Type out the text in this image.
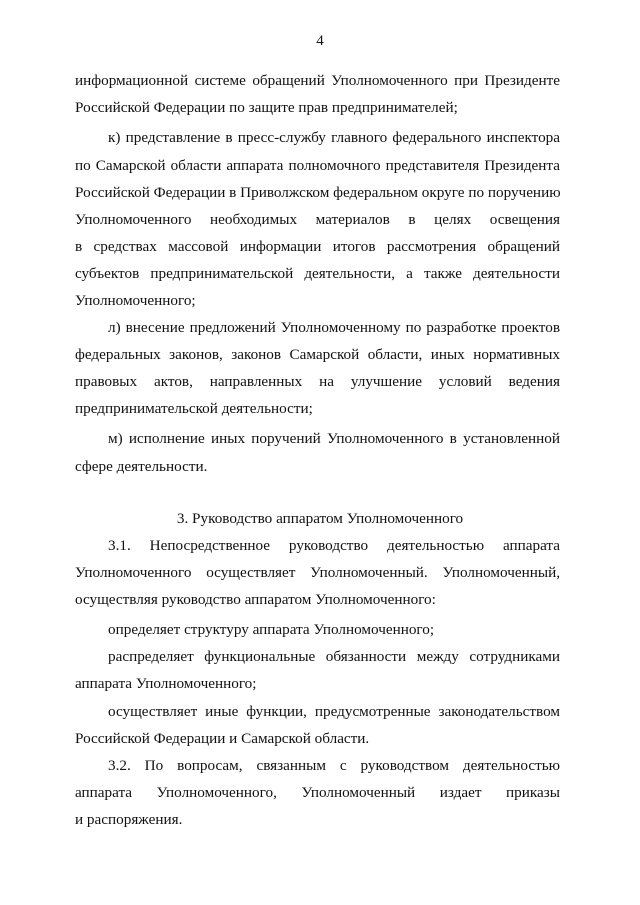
4
информационной системе обращений Уполномоченного при Президенте
Российской Федерации по защите прав предпринимателей;
к) представление в пресс-службу главного федерального инспектора
по Самарской области аппарата полномочного представителя Президента
Российской Федерации в Приволжском федеральном округе по поручению
Уполномоченного необходимых материалов в целях освещения
в средствах массовой информации итогов рассмотрения обращений
субъектов предпринимательской деятельности, а также деятельности
Уполномоченного;
л) внесение предложений Уполномоченному по разработке проектов
федеральных законов, законов Самарской области, иных нормативных
правовых актов, направленных на улучшение условий ведения
предпринимательской деятельности;
м) исполнение иных поручений Уполномоченного в установленной
сфере деятельности.
3. Руководство аппаратом Уполномоченного
3.1. Непосредственное руководство деятельностью аппарата
Уполномоченного осуществляет Уполномоченный. Уполномоченный,
осуществляя руководство аппаратом Уполномоченного:
определяет структуру аппарата Уполномоченного;
распределяет функциональные обязанности между сотрудниками
аппарата Уполномоченного;
осуществляет иные функции, предусмотренные законодательством
Российской Федерации и Самарской области.
3.2. По вопросам, связанным с руководством деятельностью
аппарата Уполномоченного, Уполномоченный издает приказы
и распоряжения.
